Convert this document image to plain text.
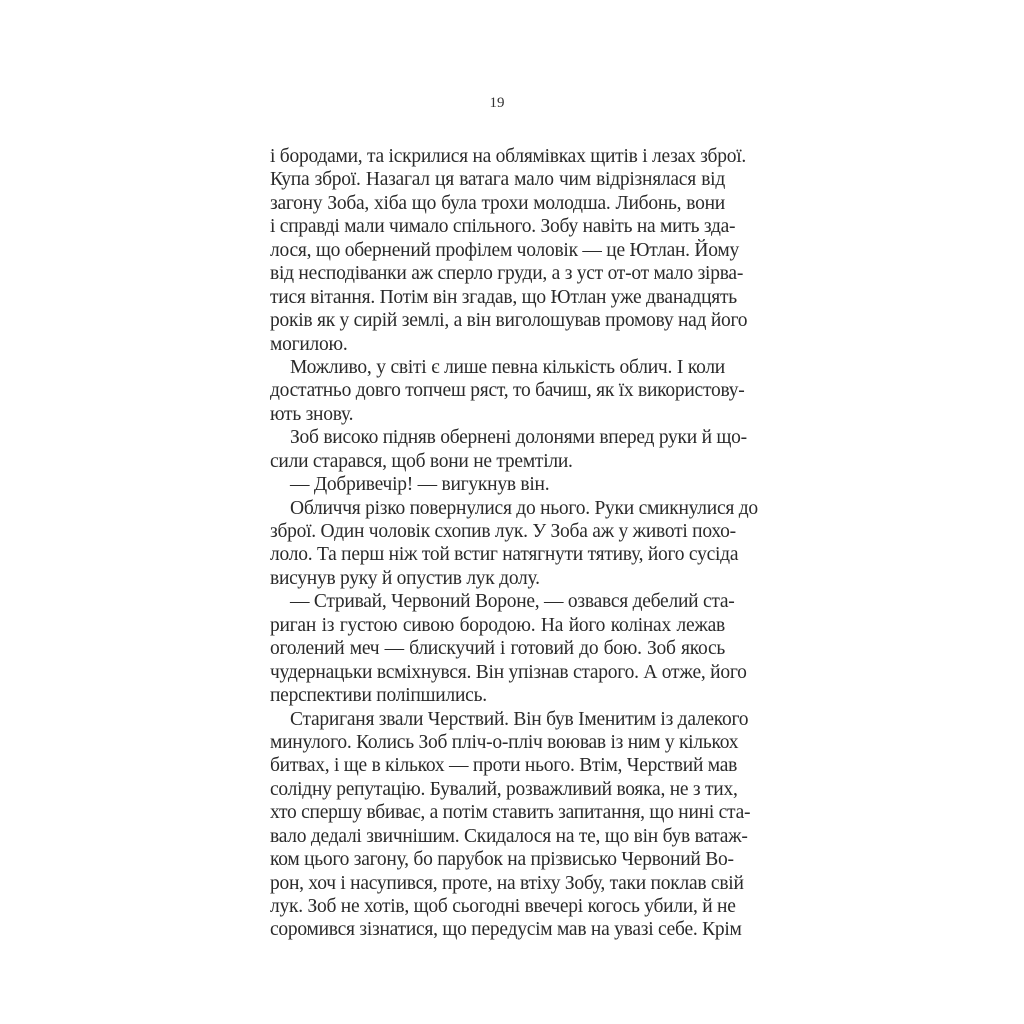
19
і бородами, та іскрилися на облямівках щитів і лезах зброї.
Купа зброї. Назагал ця ватага мало чим відрізнялася від
загону Зоба, хіба що була трохи молодша. Либонь, вони
і справді мали чимало спільного. Зобу навіть на мить зда-
лося, що обернений профілем чоловік — це Ютлан. Йому
від несподіванки аж сперло груди, а з уст от-от мало зірва-
тися вітання. Потім він згадав, що Ютлан уже дванадцять
років як у сирій землі, а він виголошував промову над його
могилою.
Можливо, у світі є лише певна кількість облич. І коли
достатньо довго топчеш ряст, то бачиш, як їх використову-
ють знову.
Зоб високо підняв обернені долонями вперед руки й що-
сили старався, щоб вони не тремтіли.
— Добривечір! — вигукнув він.
Обличчя різко повернулися до нього. Руки смикнулися до
зброї. Один чоловік схопив лук. У Зоба аж у животі похо-
лоло. Та перш ніж той встиг натягнути тятиву, його сусіда
висунув руку й опустив лук долу.
— Стривай, Червоний Вороне, — озвався дебелий ста-
риган із густою сивою бородою. На його колінах лежав
оголений меч — блискучий і готовий до бою. Зоб якось
чудернацьки всміхнувся. Він упізнав старого. А отже, його
перспективи поліпшились.
Стариганя звали Черствий. Він був Іменитим із далекого
минулого. Колись Зоб пліч-о-пліч воював із ним у кількох
битвах, і ще в кількох — проти нього. Втім, Черствий мав
солідну репутацію. Бувалий, розважливий вояка, не з тих,
хто спершу вбиває, а потім ставить запитання, що нині ста-
вало дедалі звичнішим. Скидалося на те, що він був ватаж-
ком цього загону, бо парубок на прізвисько Червоний Во-
рон, хоч і насупився, проте, на втіху Зобу, таки поклав свій
лук. Зоб не хотів, щоб сьогодні ввечері когось убили, й не
соромився зізнатися, що передусім мав на увазі себе. Крім
